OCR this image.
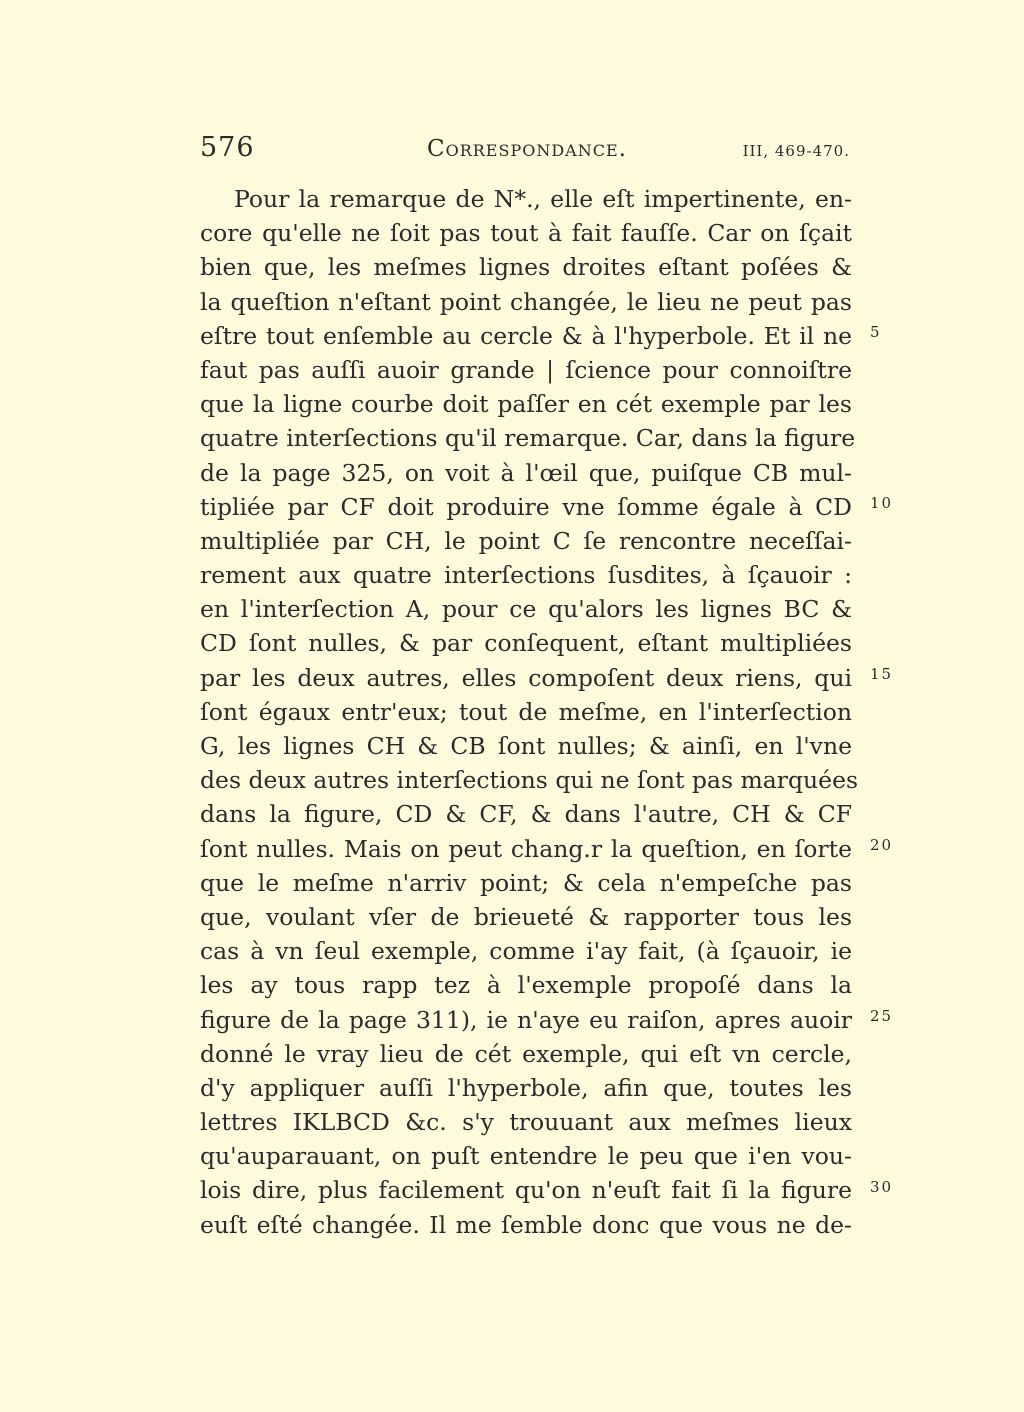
576	Correspondance.	III, 469-470.
Pour la remarque de N*., elle eſt impertinente, en-
core qu'elle ne ſoit pas tout à fait fauſſe. Car on ſçait
bien que, les meſmes lignes droites eſtant poſées &
la queſtion n'eſtant point changée, le lieu ne peut pas
eſtre tout enſemble au cercle & à l'hyperbole. Et il ne
faut pas auſſi auoir grande | ſcience pour connoiſtre
que la ligne courbe doit paſſer en cét exemple par les
quatre interſections qu'il remarque. Car, dans la figure
de la page 325, on voit à l'œil que, puiſque CB mul-
tipliée par CF doit produire vne ſomme égale à CD
multipliée par CH, le point C ſe rencontre neceſſai-
rement aux quatre interſections ſusdites, à ſçauoir :
en l'interſection A, pour ce qu'alors les lignes BC &
CD ſont nulles, & par conſequent, eſtant multipliées
par les deux autres, elles compoſent deux riens, qui
ſont égaux entr'eux; tout de meſme, en l'interſection
G, les lignes CH & CB ſont nulles; & ainſi, en l'vne
des deux autres interſections qui ne ſont pas marquées
dans la figure, CD & CF, & dans l'autre, CH & CF
ſont nulles. Mais on peut chang.r la queſtion, en ſorte
que le meſme n'arriv point; & cela n'empeſche pas
que, voulant vſer de brieueté & rapporter tous les
cas à vn ſeul exemple, comme i'ay fait, (à ſçauoir, ie
les ay tous rapp tez à l'exemple propoſé dans la
figure de la page 311), ie n'aye eu raiſon, apres auoir
donné le vray lieu de cét exemple, qui eſt vn cercle,
d'y appliquer auſſi l'hyperbole, afin que, toutes les
lettres IKLBCD &c. s'y trouuant aux meſmes lieux
qu'auparauant, on puſt entendre le peu que i'en vou-
lois dire, plus facilement qu'on n'euſt fait ſi la figure
euſt eſté changée. Il me ſemble donc que vous ne de-
5
10
15
20
25
30
